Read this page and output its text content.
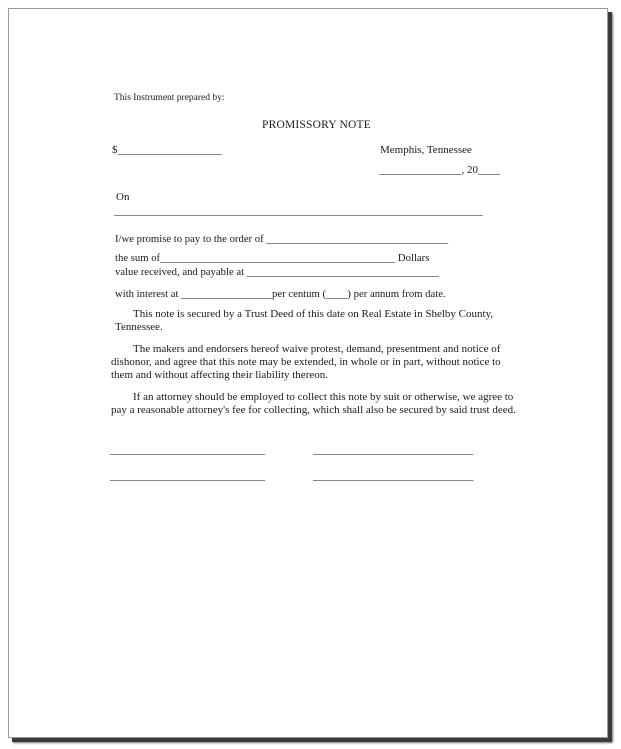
This Instrument prepared by:
PROMISSORY NOTE
$___________________	Memphis, Tennessee
_______________, 20____
On
_____________________________________________________________________
I/we promise to pay to the order of __________________________________
the sum of____________________________________________ Dollars
value received, and payable at ____________________________________
with interest at _________________per centum (____) per annum from date.
This note is secured by a Trust Deed of this date on Real Estate in Shelby County, Tennessee.
The makers and endorsers hereof waive protest, demand, presentment and notice of dishonor, and agree that this note may be extended, in whole or in part, without notice to them and without affecting their liability thereon.
If an attorney should be employed to collect this note by suit or otherwise, we agree to pay a reasonable attorney's fee for collecting, which shall also be secured by said trust deed.
_____________________________	______________________________
_____________________________	______________________________
